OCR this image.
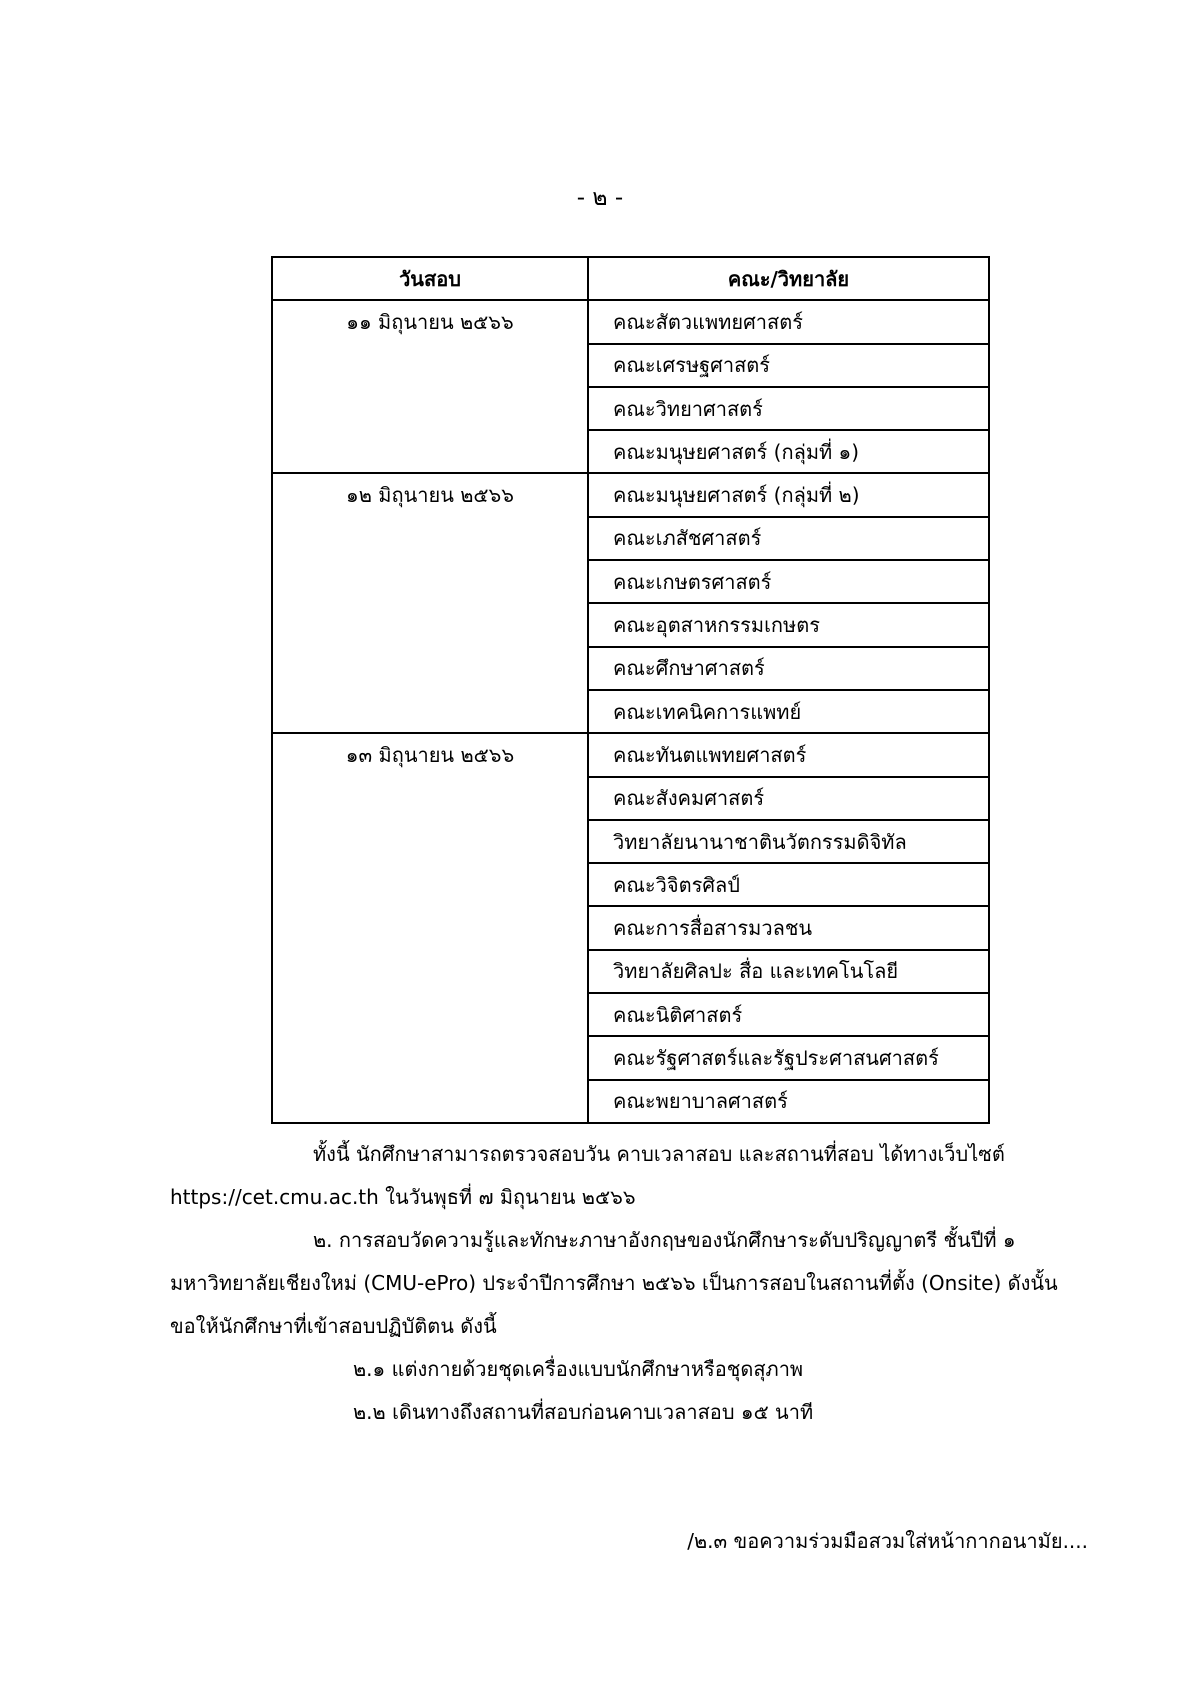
- ๒ -
วันสอบ	คณะ/วิทยาลัย
๑๑ มิถุนายน ๒๕๖๖	คณะสัตวแพทยศาสตร์
	คณะเศรษฐศาสตร์
	คณะวิทยาศาสตร์
	คณะมนุษยศาสตร์ (กลุ่มที่ ๑)
๑๒ มิถุนายน ๒๕๖๖	คณะมนุษยศาสตร์ (กลุ่มที่ ๒)
	คณะเภสัชศาสตร์
	คณะเกษตรศาสตร์
	คณะอุตสาหกรรมเกษตร
	คณะศึกษาศาสตร์
	คณะเทคนิคการแพทย์
๑๓ มิถุนายน ๒๕๖๖	คณะทันตแพทยศาสตร์
	คณะสังคมศาสตร์
	วิทยาลัยนานาชาตินวัตกรรมดิจิทัล
	คณะวิจิตรศิลป์
	คณะการสื่อสารมวลชน
	วิทยาลัยศิลปะ สื่อ และเทคโนโลยี
	คณะนิติศาสตร์
	คณะรัฐศาสตร์และรัฐประศาสนศาสตร์
	คณะพยาบาลศาสตร์
ทั้งนี้ นักศึกษาสามารถตรวจสอบวัน คาบเวลาสอบ และสถานที่สอบ ได้ทางเว็บไซต์
https://cet.cmu.ac.th ในวันพุธที่ ๗ มิถุนายน ๒๕๖๖
๒. การสอบวัดความรู้และทักษะภาษาอังกฤษของนักศึกษาระดับปริญญาตรี ชั้นปีที่ ๑
มหาวิทยาลัยเชียงใหม่ (CMU-ePro) ประจำปีการศึกษา ๒๕๖๖ เป็นการสอบในสถานที่ตั้ง (Onsite) ดังนั้น
ขอให้นักศึกษาที่เข้าสอบปฏิบัติตน ดังนี้
๒.๑ แต่งกายด้วยชุดเครื่องแบบนักศึกษาหรือชุดสุภาพ
๒.๒ เดินทางถึงสถานที่สอบก่อนคาบเวลาสอบ ๑๕ นาที
/๒.๓ ขอความร่วมมือสวมใส่หน้ากากอนามัย....
